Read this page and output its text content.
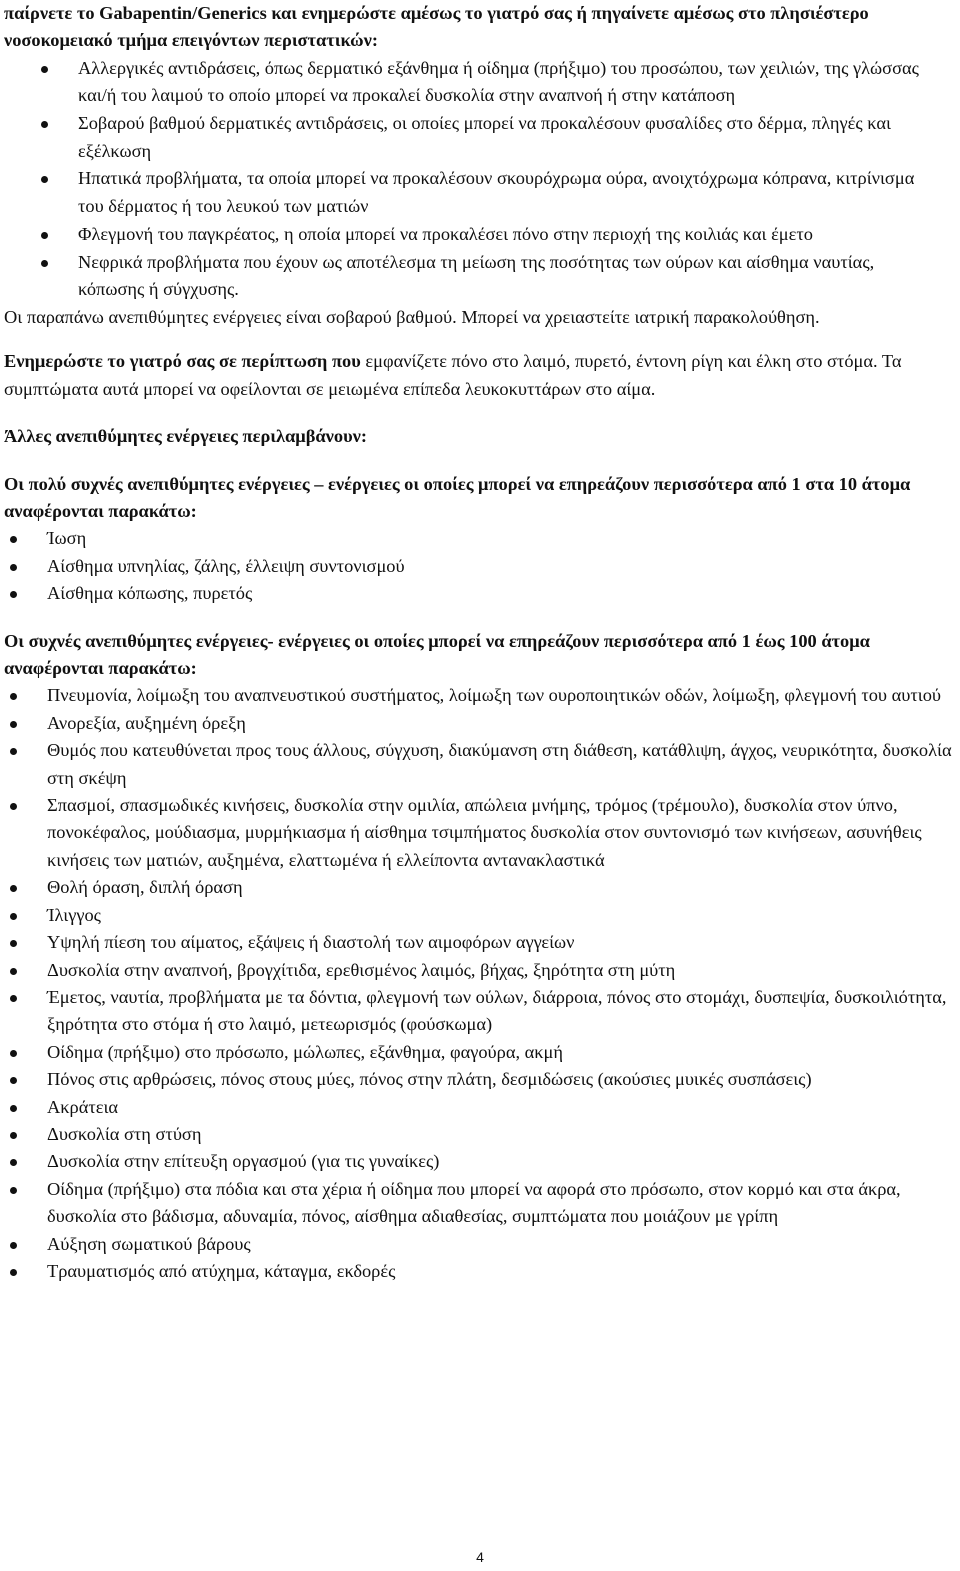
παίρνετε το Gabapentin/Generics και ενημερώστε αμέσως το γιατρό σας ή πηγαίνετε αμέσως στο πλησιέστερο νοσοκομειακό τμήμα επειγόντων περιστατικών:

Αλλεργικές αντιδράσεις, όπως δερματικό εξάνθημα ή οίδημα (πρήξιμο) του προσώπου, των χειλιών, της γλώσσας και/ή του λαιμού το οποίο μπορεί να προκαλεί δυσκολία στην αναπνοή ή στην κατάποση
Σοβαρού βαθμού δερματικές αντιδράσεις, οι οποίες μπορεί να προκαλέσουν φυσαλίδες στο δέρμα, πληγές και εξέλκωση
Ηπατικά προβλήματα, τα οποία μπορεί να προκαλέσουν σκουρόχρωμα ούρα, ανοιχτόχρωμα κόπρανα, κιτρίνισμα του δέρματος ή του λευκού των ματιών
Φλεγμονή του παγκρέατος, η οποία μπορεί να προκαλέσει πόνο στην περιοχή της κοιλιάς και έμετο
Νεφρικά προβλήματα που έχουν ως αποτέλεσμα τη μείωση της ποσότητας των ούρων και αίσθημα ναυτίας, κόπωσης ή σύγχυσης.

Οι παραπάνω ανεπιθύμητες ενέργειες είναι σοβαρού βαθμού. Μπορεί να χρειαστείτε ιατρική παρακολούθηση.

Ενημερώστε το γιατρό σας σε περίπτωση που εμφανίζετε πόνο στο λαιμό, πυρετό, έντονη ρίγη και έλκη στο στόμα. Τα συμπτώματα αυτά μπορεί να οφείλονται σε μειωμένα επίπεδα λευκοκυττάρων στο αίμα.

Άλλες ανεπιθύμητες ενέργειες περιλαμβάνουν:

Οι πολύ συχνές ανεπιθύμητες ενέργειες – ενέργειες οι οποίες μπορεί να επηρεάζουν περισσότερα από 1 στα 10 άτομα αναφέρονται παρακάτω:

Ίωση
Αίσθημα υπνηλίας, ζάλης, έλλειψη συντονισμού
Αίσθημα κόπωσης, πυρετός

Οι συχνές ανεπιθύμητες ενέργειες- ενέργειες οι οποίες μπορεί να επηρεάζουν περισσότερα από 1 έως 100 άτομα αναφέρονται παρακάτω:

Πνευμονία, λοίμωξη του αναπνευστικού συστήματος, λοίμωξη των ουροποιητικών οδών, λοίμωξη, φλεγμονή του αυτιού
Ανορεξία, αυξημένη όρεξη
Θυμός που κατευθύνεται προς τους άλλους, σύγχυση, διακύμανση στη διάθεση, κατάθλιψη, άγχος, νευρικότητα, δυσκολία στη σκέψη
Σπασμοί, σπασμωδικές κινήσεις, δυσκολία στην ομιλία, απώλεια μνήμης, τρόμος (τρέμουλο), δυσκολία στον ύπνο, πονοκέφαλος, μούδιασμα, μυρμήκιασμα ή αίσθημα τσιμπήματος δυσκολία στον συντονισμό των κινήσεων, ασυνήθεις κινήσεις των ματιών, αυξημένα, ελαττωμένα ή ελλείποντα αντανακλαστικά
Θολή όραση, διπλή όραση
Ίλιγγος
Υψηλή πίεση του αίματος, εξάψεις ή διαστολή των αιμοφόρων αγγείων
Δυσκολία στην αναπνοή, βρογχίτιδα, ερεθισμένος λαιμός, βήχας, ξηρότητα στη μύτη
Έμετος, ναυτία, προβλήματα με τα δόντια, φλεγμονή των ούλων, διάρροια, πόνος στο στομάχι, δυσπεψία, δυσκοιλιότητα, ξηρότητα στο στόμα ή στο λαιμό, μετεωρισμός (φούσκωμα)
Οίδημα (πρήξιμο) στο πρόσωπο, μώλωπες, εξάνθημα, φαγούρα, ακμή
Πόνος στις αρθρώσεις, πόνος στους μύες, πόνος στην πλάτη, δεσμιδώσεις (ακούσιες μυικές συσπάσεις)
Ακράτεια
Δυσκολία στη στύση
Δυσκολία στην επίτευξη οργασμού (για τις γυναίκες)
Οίδημα (πρήξιμο) στα πόδια και στα χέρια ή οίδημα που μπορεί να αφορά στο πρόσωπο, στον κορμό και στα άκρα, δυσκολία στο βάδισμα, αδυναμία, πόνος, αίσθημα αδιαθεσίας, συμπτώματα που μοιάζουν με γρίπη
Αύξηση σωματικού βάρους
Τραυματισμός από ατύχημα, κάταγμα, εκδορές
4
